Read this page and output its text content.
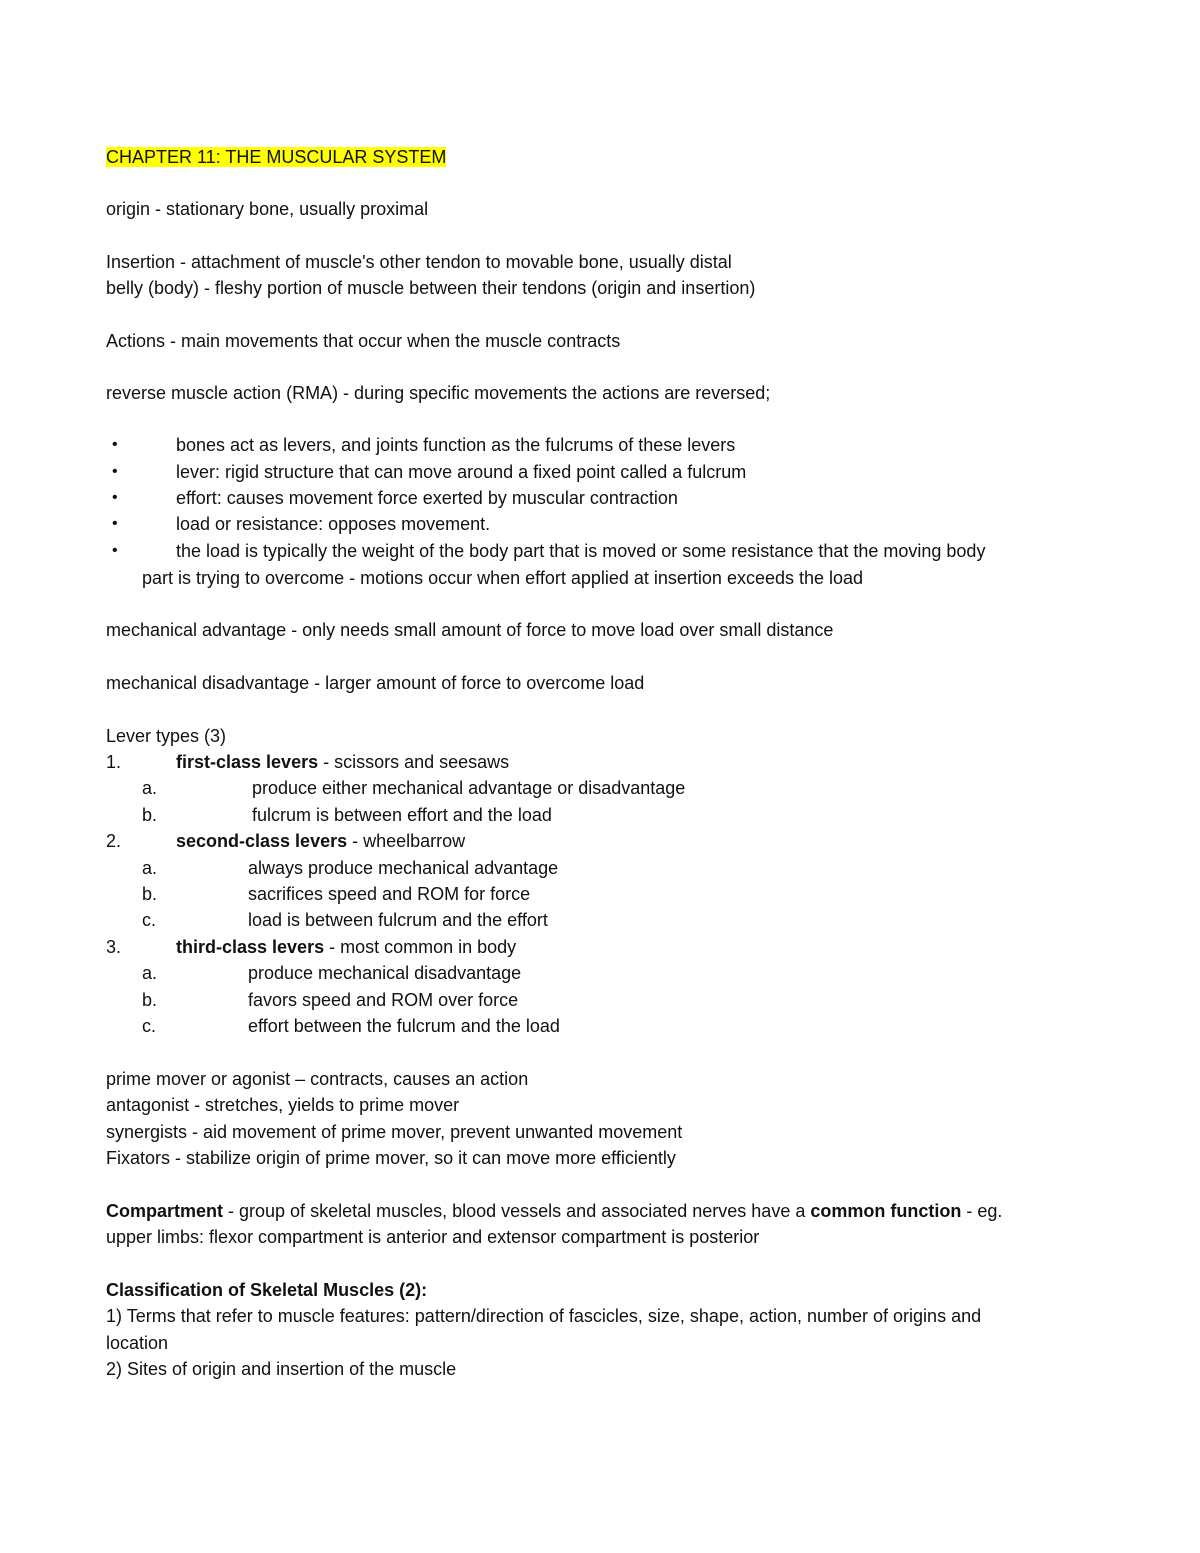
CHAPTER 11: THE MUSCULAR SYSTEM
origin - stationary bone, usually proximal
Insertion - attachment of muscle's other tendon to movable bone, usually distal
belly (body) - fleshy portion of muscle between their tendons (origin and insertion)
Actions - main movements that occur when the muscle contracts
reverse muscle action (RMA) - during specific movements the actions are reversed;
•	bones act as levers, and joints function as the fulcrums of these levers
•	lever: rigid structure that can move around a fixed point called a fulcrum
•	effort: causes movement force exerted by muscular contraction
•	load or resistance: opposes movement.
•	the load is typically the weight of the body part that is moved or some resistance that the moving body
part is trying to overcome - motions occur when effort applied at insertion exceeds the load
mechanical advantage - only needs small amount of force to move load over small distance
mechanical disadvantage - larger amount of force to overcome load
Lever types (3)
1.	first-class levers - scissors and seesaws
a.	produce either mechanical advantage or disadvantage
b.	fulcrum is between effort and the load
2.	second-class levers - wheelbarrow
a.	always produce mechanical advantage
b.	sacrifices speed and ROM for force
c.	load is between fulcrum and the effort
3.	third-class levers - most common in body
a.	produce mechanical disadvantage
b.	favors speed and ROM over force
c.	effort between the fulcrum and the load
prime mover or agonist – contracts, causes an action
antagonist - stretches, yields to prime mover
synergists - aid movement of prime mover, prevent unwanted movement
Fixators - stabilize origin of prime mover, so it can move more efficiently
Compartment - group of skeletal muscles, blood vessels and associated nerves have a common function - eg.
upper limbs: flexor compartment is anterior and extensor compartment is posterior
Classification of Skeletal Muscles (2):
1) Terms that refer to muscle features: pattern/direction of fascicles, size, shape, action, number of origins and
location
2) Sites of origin and insertion of the muscle
